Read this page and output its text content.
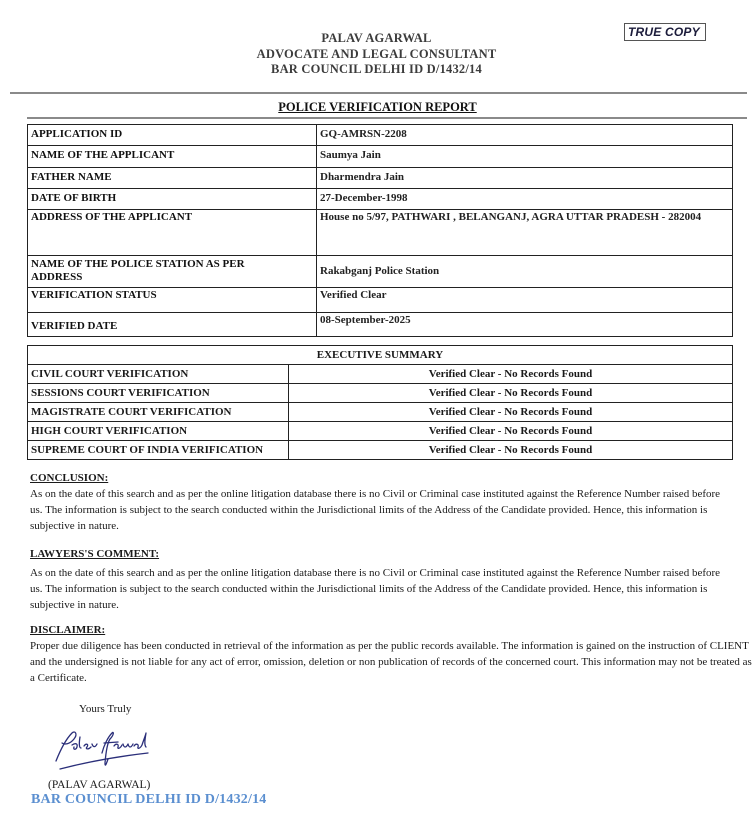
PALAV AGARWAL
ADVOCATE AND LEGAL CONSULTANT
BAR COUNCIL DELHI ID D/1432/14
TRUE COPY
POLICE VERIFICATION REPORT
APPLICATION ID	GQ-AMRSN-2208
NAME OF THE APPLICANT	Saumya Jain
FATHER NAME	Dharmendra Jain
DATE OF BIRTH	27-December-1998
ADDRESS OF THE APPLICANT	House no 5/97, PATHWARI , BELANGANJ, AGRA UTTAR PRADESH - 282004
NAME OF THE POLICE STATION AS PER ADDRESS	Rakabganj Police Station
VERIFICATION STATUS	Verified Clear
VERIFIED DATE	08-September-2025
EXECUTIVE SUMMARY	
CIVIL COURT VERIFICATION	Verified Clear - No Records Found
SESSIONS COURT VERIFICATION	Verified Clear - No Records Found
MAGISTRATE COURT VERIFICATION	Verified Clear - No Records Found
HIGH COURT VERIFICATION	Verified Clear - No Records Found
SUPREME COURT OF INDIA VERIFICATION	Verified Clear - No Records Found
CONCLUSION:

As on the date of this search and as per the online litigation database there is no Civil or Criminal case instituted against the Reference Number raised before us. The information is subject to the search conducted within the Jurisdictional limits of the Address of the Candidate provided. Hence, this information is subjective in nature.

LAWYERS'S COMMENT:

As on the date of this search and as per the online litigation database there is no Civil or Criminal case instituted against the Reference Number raised before us. The information is subject to the search conducted within the Jurisdictional limits of the Address of the Candidate provided. Hence, this information is subjective in nature.

DISCLAIMER:

Proper due diligence has been conducted in retrieval of the information as per the public records available. The information is gained on the instruction of CLIENT and the undersigned is not liable for any act of error, omission, deletion or non publication of records of the concerned court. This information may not be treated as a Certificate.

Yours Truly
(PALAV AGARWAL)
BAR COUNCIL DELHI ID D/1432/14
